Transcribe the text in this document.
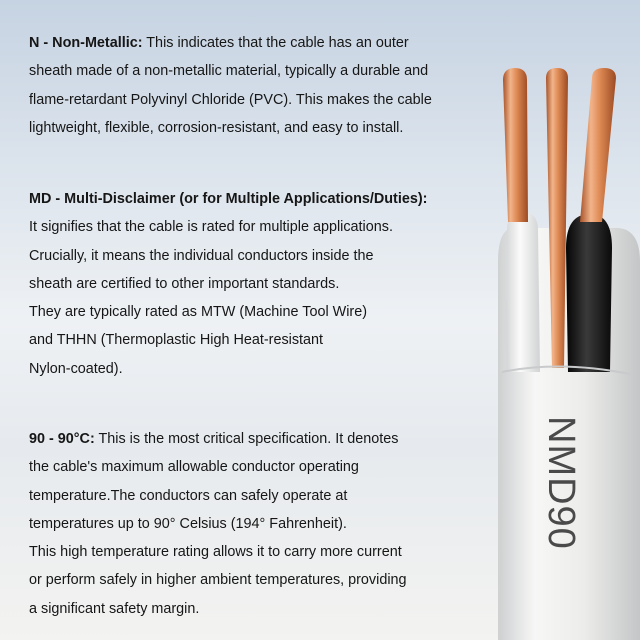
NMD90

N - Non-Metallic: This indicates that the cable has an outer

sheath made of a non-metallic material, typically a durable and

flame-retardant Polyvinyl Chloride (PVC). This makes the cable

lightweight, flexible, corrosion-resistant, and easy to install.

MD - Multi-Disclaimer (or for Multiple Applications/Duties):

It signifies that the cable is rated for multiple applications.

Crucially, it means the individual conductors inside the

sheath are certified to other important standards.

They are typically rated as MTW (Machine Tool Wire)

and THHN (Thermoplastic High Heat-resistant

Nylon-coated).

90 - 90°C: This is the most critical specification. It denotes

the cable's maximum allowable conductor operating

temperature.The conductors can safely operate at

temperatures up to 90° Celsius (194° Fahrenheit).

This high temperature rating allows it to carry more current

or perform safely in higher ambient temperatures, providing

a significant safety margin.
